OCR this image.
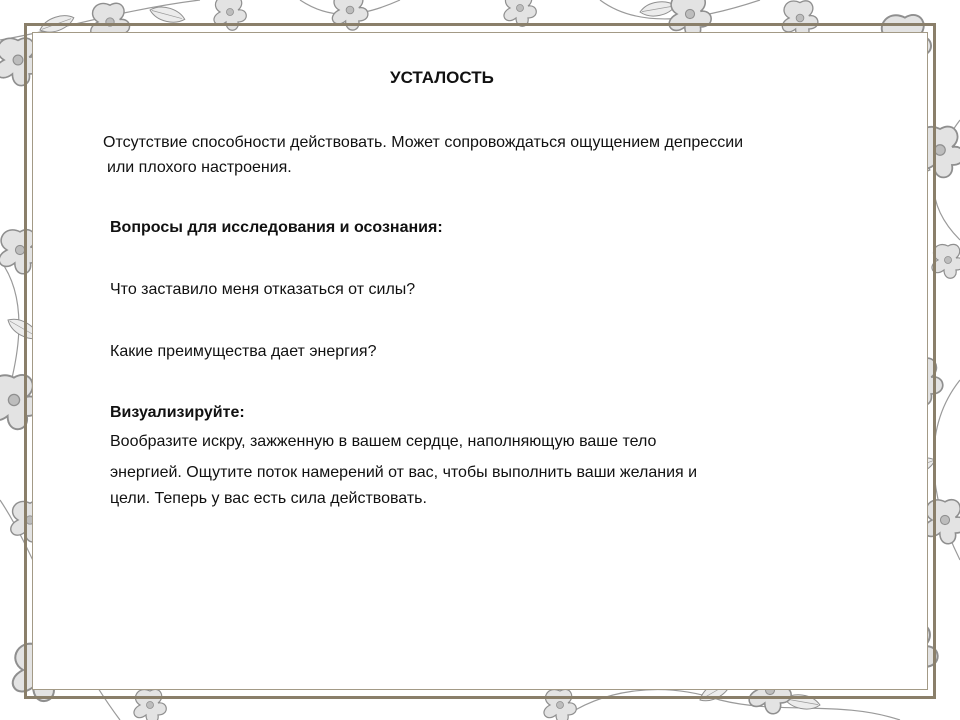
УСТАЛОСТЬ

Отсутствие способности действовать. Может сопровождаться ощущением депрессии
или плохого настроения.

Вопросы для исследования и осознания:

Что заставило меня отказаться от силы?

Какие преимущества дает энергия?

Визуализируйте:

Вообразите искру, зажженную в вашем сердце, наполняющую ваше тело

энергией. Ощутите поток намерений от вас, чтобы выполнить ваши желания и

цели. Теперь у вас есть сила действовать.
